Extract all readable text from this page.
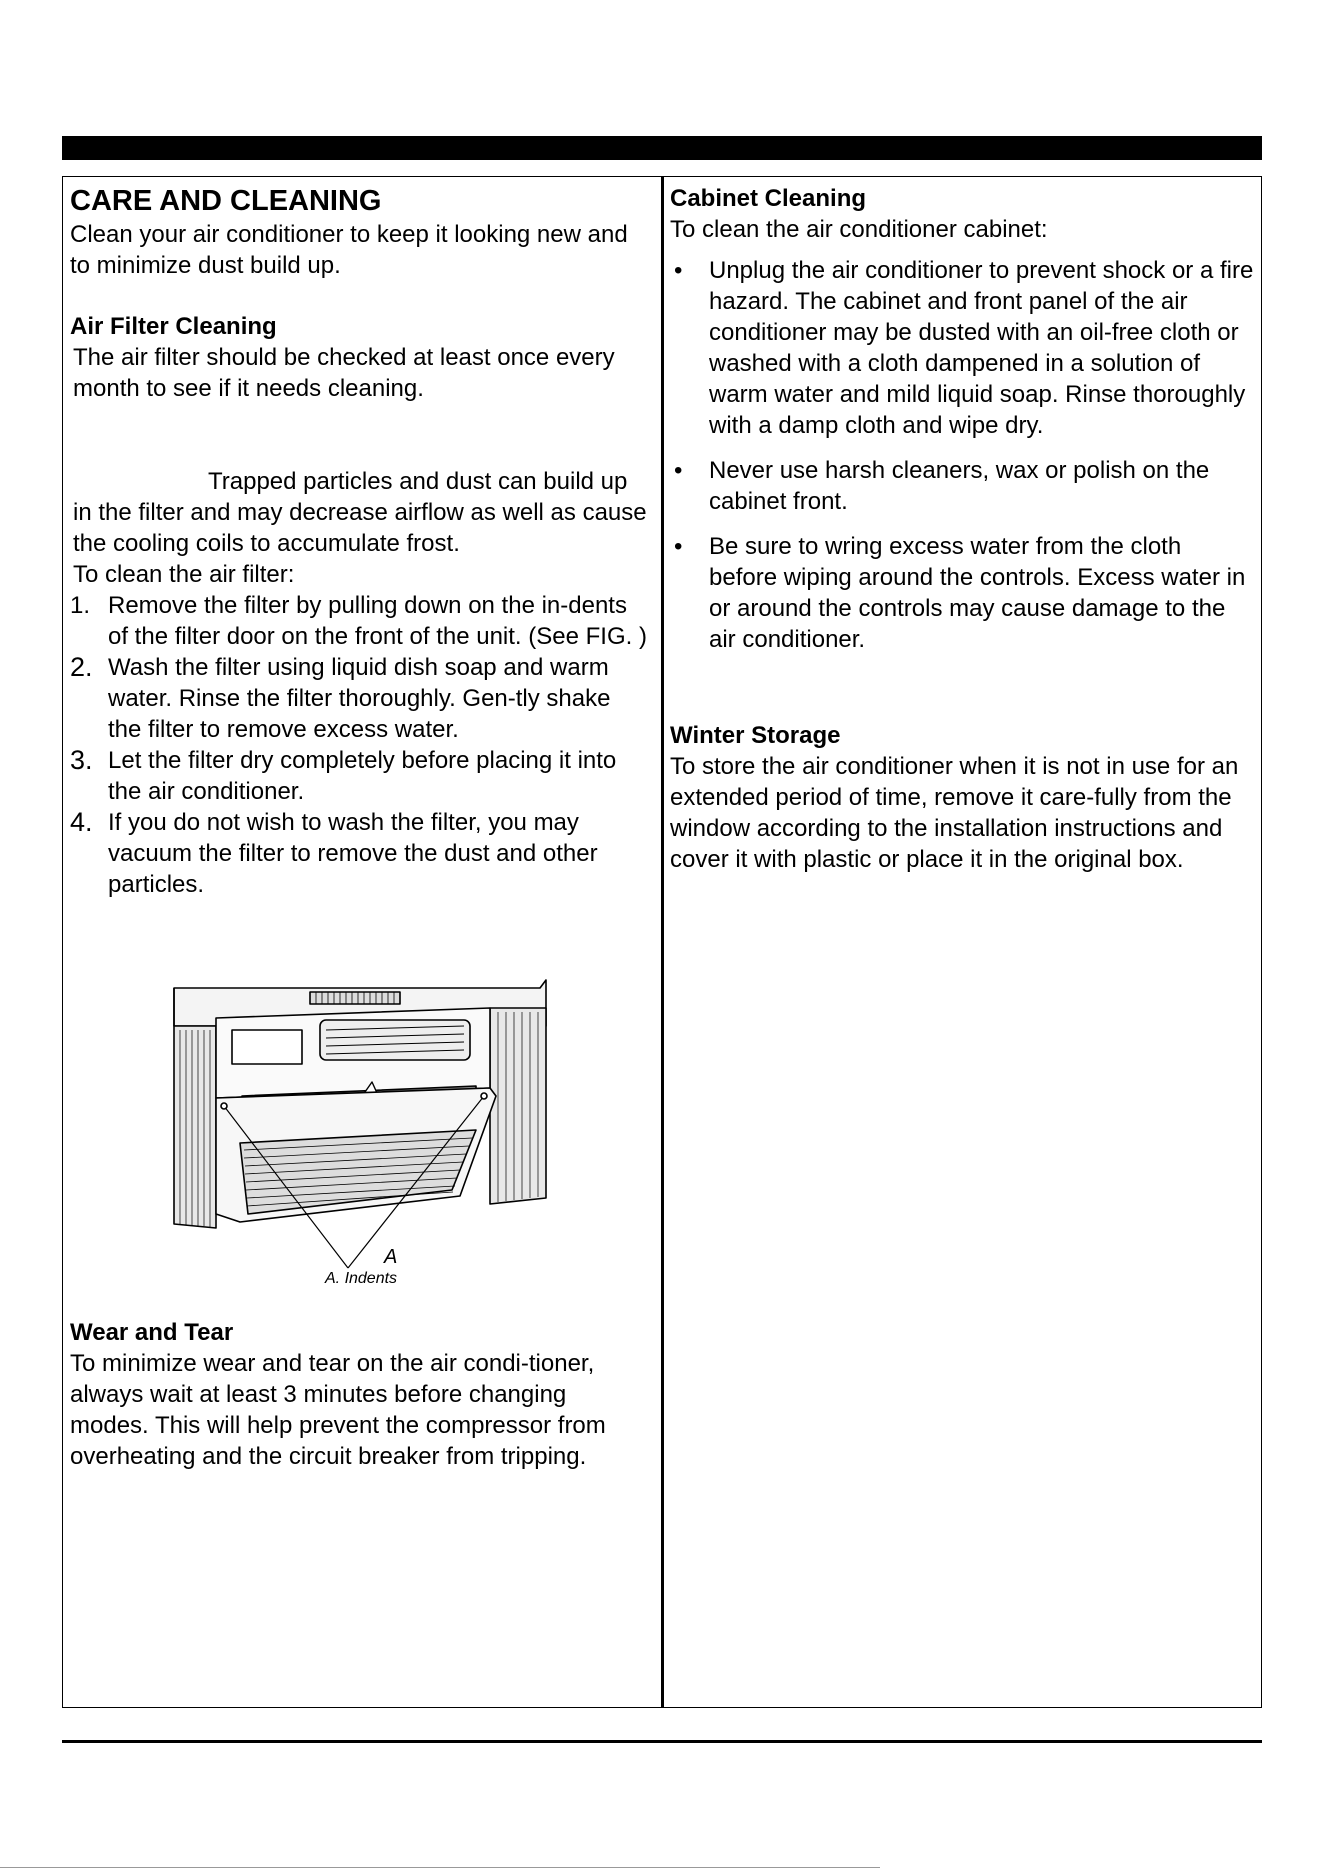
CARE AND CLEANING

Clean your air conditioner to keep it looking new and to minimize dust build up.

Air Filter Cleaning

The air filter should be checked at least once every month to see if it needs cleaning.

Trapped particles and dust can build up in the filter and may decrease airflow as well as cause the cooling coils to accumulate frost.

To clean the air filter:

1. Remove the filter by pulling down on the in-dents of the filter door on the front of the unit. (See FIG. )
2. Wash the filter using liquid dish soap and warm water. Rinse the filter thoroughly. Gen-tly shake the filter to remove excess water.
3. Let the filter dry completely before placing it into the air conditioner.
4. If you do not wish to wash the filter, you may vacuum the filter to remove the dust and other particles.
A
A. Indents
Wear and Tear

To minimize wear and tear on the air condi-tioner, always wait at least 3 minutes before changing modes. This will help prevent the compressor from overheating and the circuit breaker from tripping.

Cabinet Cleaning

To clean the air conditioner cabinet:

• Unplug the air conditioner to prevent shock or a fire hazard. The cabinet and front panel of the air conditioner may be dusted with an oil-free cloth or washed with a cloth dampened in a solution of warm water and mild liquid soap. Rinse thoroughly with a damp cloth and wipe dry.
• Never use harsh cleaners, wax or polish on the cabinet front.
• Be sure to wring excess water from the cloth before wiping around the controls. Excess water in or around the controls may cause damage to the air conditioner.
Winter Storage

To store the air conditioner when it is not in use for an extended period of time, remove it care-fully from the window according to the installation instructions and cover it with plastic or place it in the original box.
